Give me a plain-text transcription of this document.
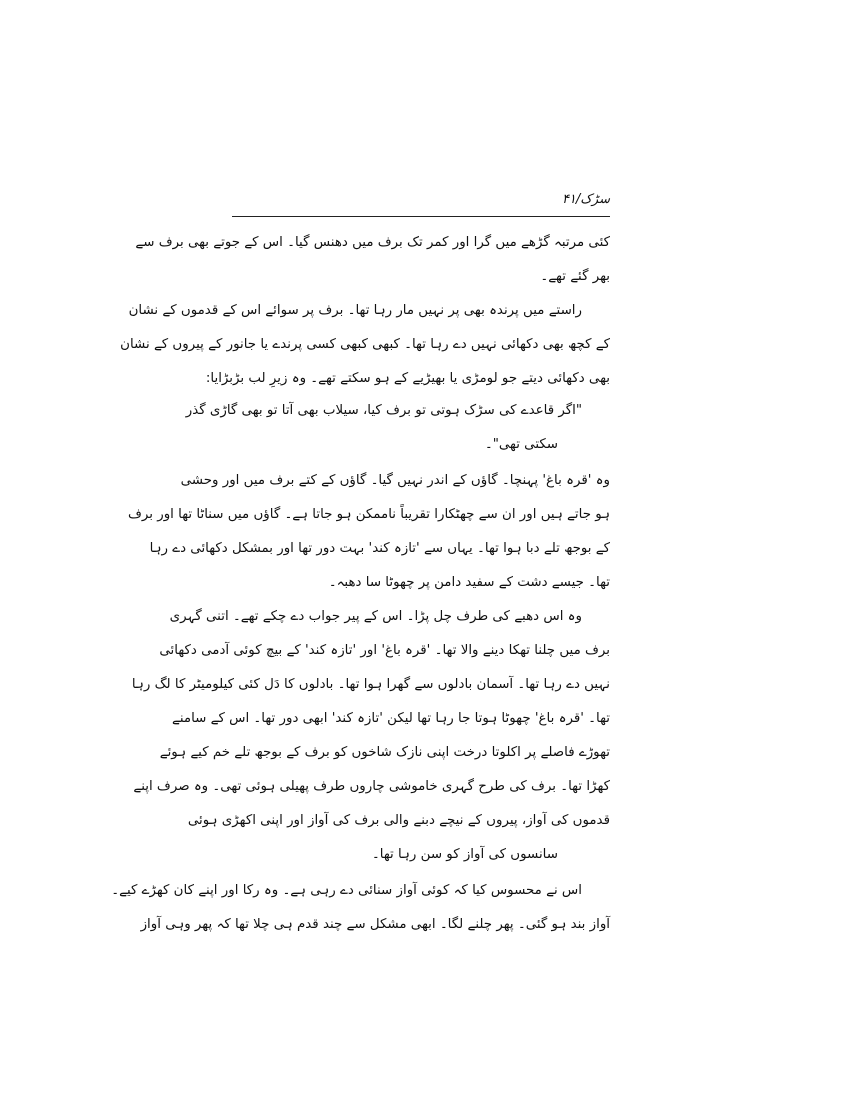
سڑک/۴۱
کئی مرتبہ گڑھے میں گرا اور کمر تک برف میں دھنس گیا۔ اس کے جوتے بھی برف سے
بھر گئے تھے۔
راستے میں پرندہ بھی پر نہیں مار رہا تھا۔ برف پر سوائے اس کے قدموں کے نشان
کے کچھ بھی دکھائی نہیں دے رہا تھا۔ کبھی کبھی کسی پرندے یا جانور کے پیروں کے نشان
بھی دکھائی دیتے جو لومڑی یا بھیڑیے کے ہو سکتے تھے۔ وہ زیرِ لب بڑبڑایا:
"اگر قاعدے کی سڑک ہوتی تو برف کیا، سیلاب بھی آتا تو بھی گاڑی گذر
سکتی تھی"۔
وہ 'قرہ باغ' پہنچا۔ گاؤں کے اندر نہیں گیا۔ گاؤں کے کتے برف میں اور وحشی
ہو جاتے ہیں اور ان سے چھٹکارا تقریباً ناممکن ہو جاتا ہے۔ گاؤں میں سناٹا تھا اور برف
کے بوجھ تلے دبا ہوا تھا۔ یہاں سے 'تازہ کند' بہت دور تھا اور بمشکل دکھائی دے رہا
تھا۔ جیسے دشت کے سفید دامن پر چھوٹا سا دھبہ۔
وہ اس دھبے کی طرف چل پڑا۔ اس کے پیر جواب دے چکے تھے۔ اتنی گہری
برف میں چلنا تھکا دینے والا تھا۔ 'قرہ باغ' اور 'تازہ کند' کے بیچ کوئی آدمی دکھائی
نہیں دے رہا تھا۔ آسمان بادلوں سے گھرا ہوا تھا۔ بادلوں کا دَل کئی کیلومیٹر کا لگ رہا
تھا۔ 'قرہ باغ' چھوٹا ہوتا جا رہا تھا لیکن 'تازہ کند' ابھی دور تھا۔ اس کے سامنے
تھوڑے فاصلے پر اکلوتا درخت اپنی نازک شاخوں کو برف کے بوجھ تلے خم کیے ہوئے
کھڑا تھا۔ برف کی طرح گہری خاموشی چاروں طرف پھیلی ہوئی تھی۔ وہ صرف اپنے
قدموں کی آواز، پیروں کے نیچے دبنے والی برف کی آواز اور اپنی اکھڑی ہوئی
سانسوں کی آواز کو سن رہا تھا۔
اس نے محسوس کیا کہ کوئی آواز سنائی دے رہی ہے۔ وہ رکا اور اپنے کان کھڑے کیے۔
آواز بند ہو گئی۔ پھر چلنے لگا۔ ابھی مشکل سے چند قدم ہی چلا تھا کہ پھر وہی آواز
